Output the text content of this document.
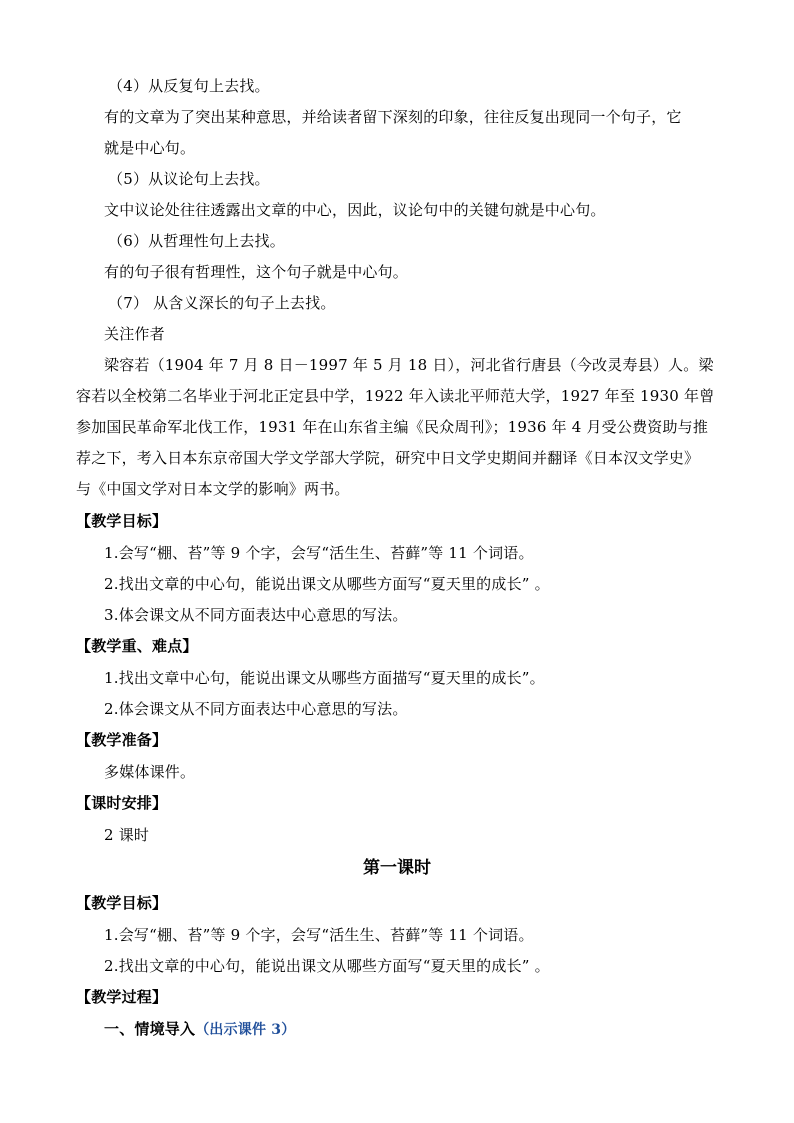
（4）从反复句上去找。
有的文章为了突出某种意思，并给读者留下深刻的印象，往往反复出现同一个句子，它
就是中心句。
（5）从议论句上去找。
文中议论处往往透露出文章的中心，因此，议论句中的关键句就是中心句。
（6）从哲理性句上去找。
有的句子很有哲理性，这个句子就是中心句。
（7） 从含义深长的句子上去找。
关注作者
梁容若（1904 年 7 月 8 日－1997 年 5 月 18 日），河北省行唐县（今改灵寿县）人。梁
容若以全校第二名毕业于河北正定县中学，1922 年入读北平师范大学，1927 年至 1930 年曾
参加国民革命军北伐工作，1931 年在山东省主编《民众周刊》；1936 年 4 月受公费资助与推
荐之下，考入日本东京帝国大学文学部大学院，研究中日文学史期间并翻译《日本汉文学史》
与《中国文学对日本文学的影响》两书。
【教学目标】
1.会写“棚、苔”等 9 个字，会写“活生生、苔藓”等 11 个词语。
2.找出文章的中心句，能说出课文从哪些方面写“夏天里的成长” 。
3.体会课文从不同方面表达中心意思的写法。
【教学重、难点】
1.找出文章中心句，能说出课文从哪些方面描写“夏天里的成长”。
2.体会课文从不同方面表达中心意思的写法。
【教学准备】
多媒体课件。
【课时安排】
2 课时
第一课时
【教学目标】
1.会写“棚、苔”等 9 个字，会写“活生生、苔藓”等 11 个词语。
2.找出文章的中心句，能说出课文从哪些方面写“夏天里的成长” 。
【教学过程】
一、情境导入（出示课件 3）
